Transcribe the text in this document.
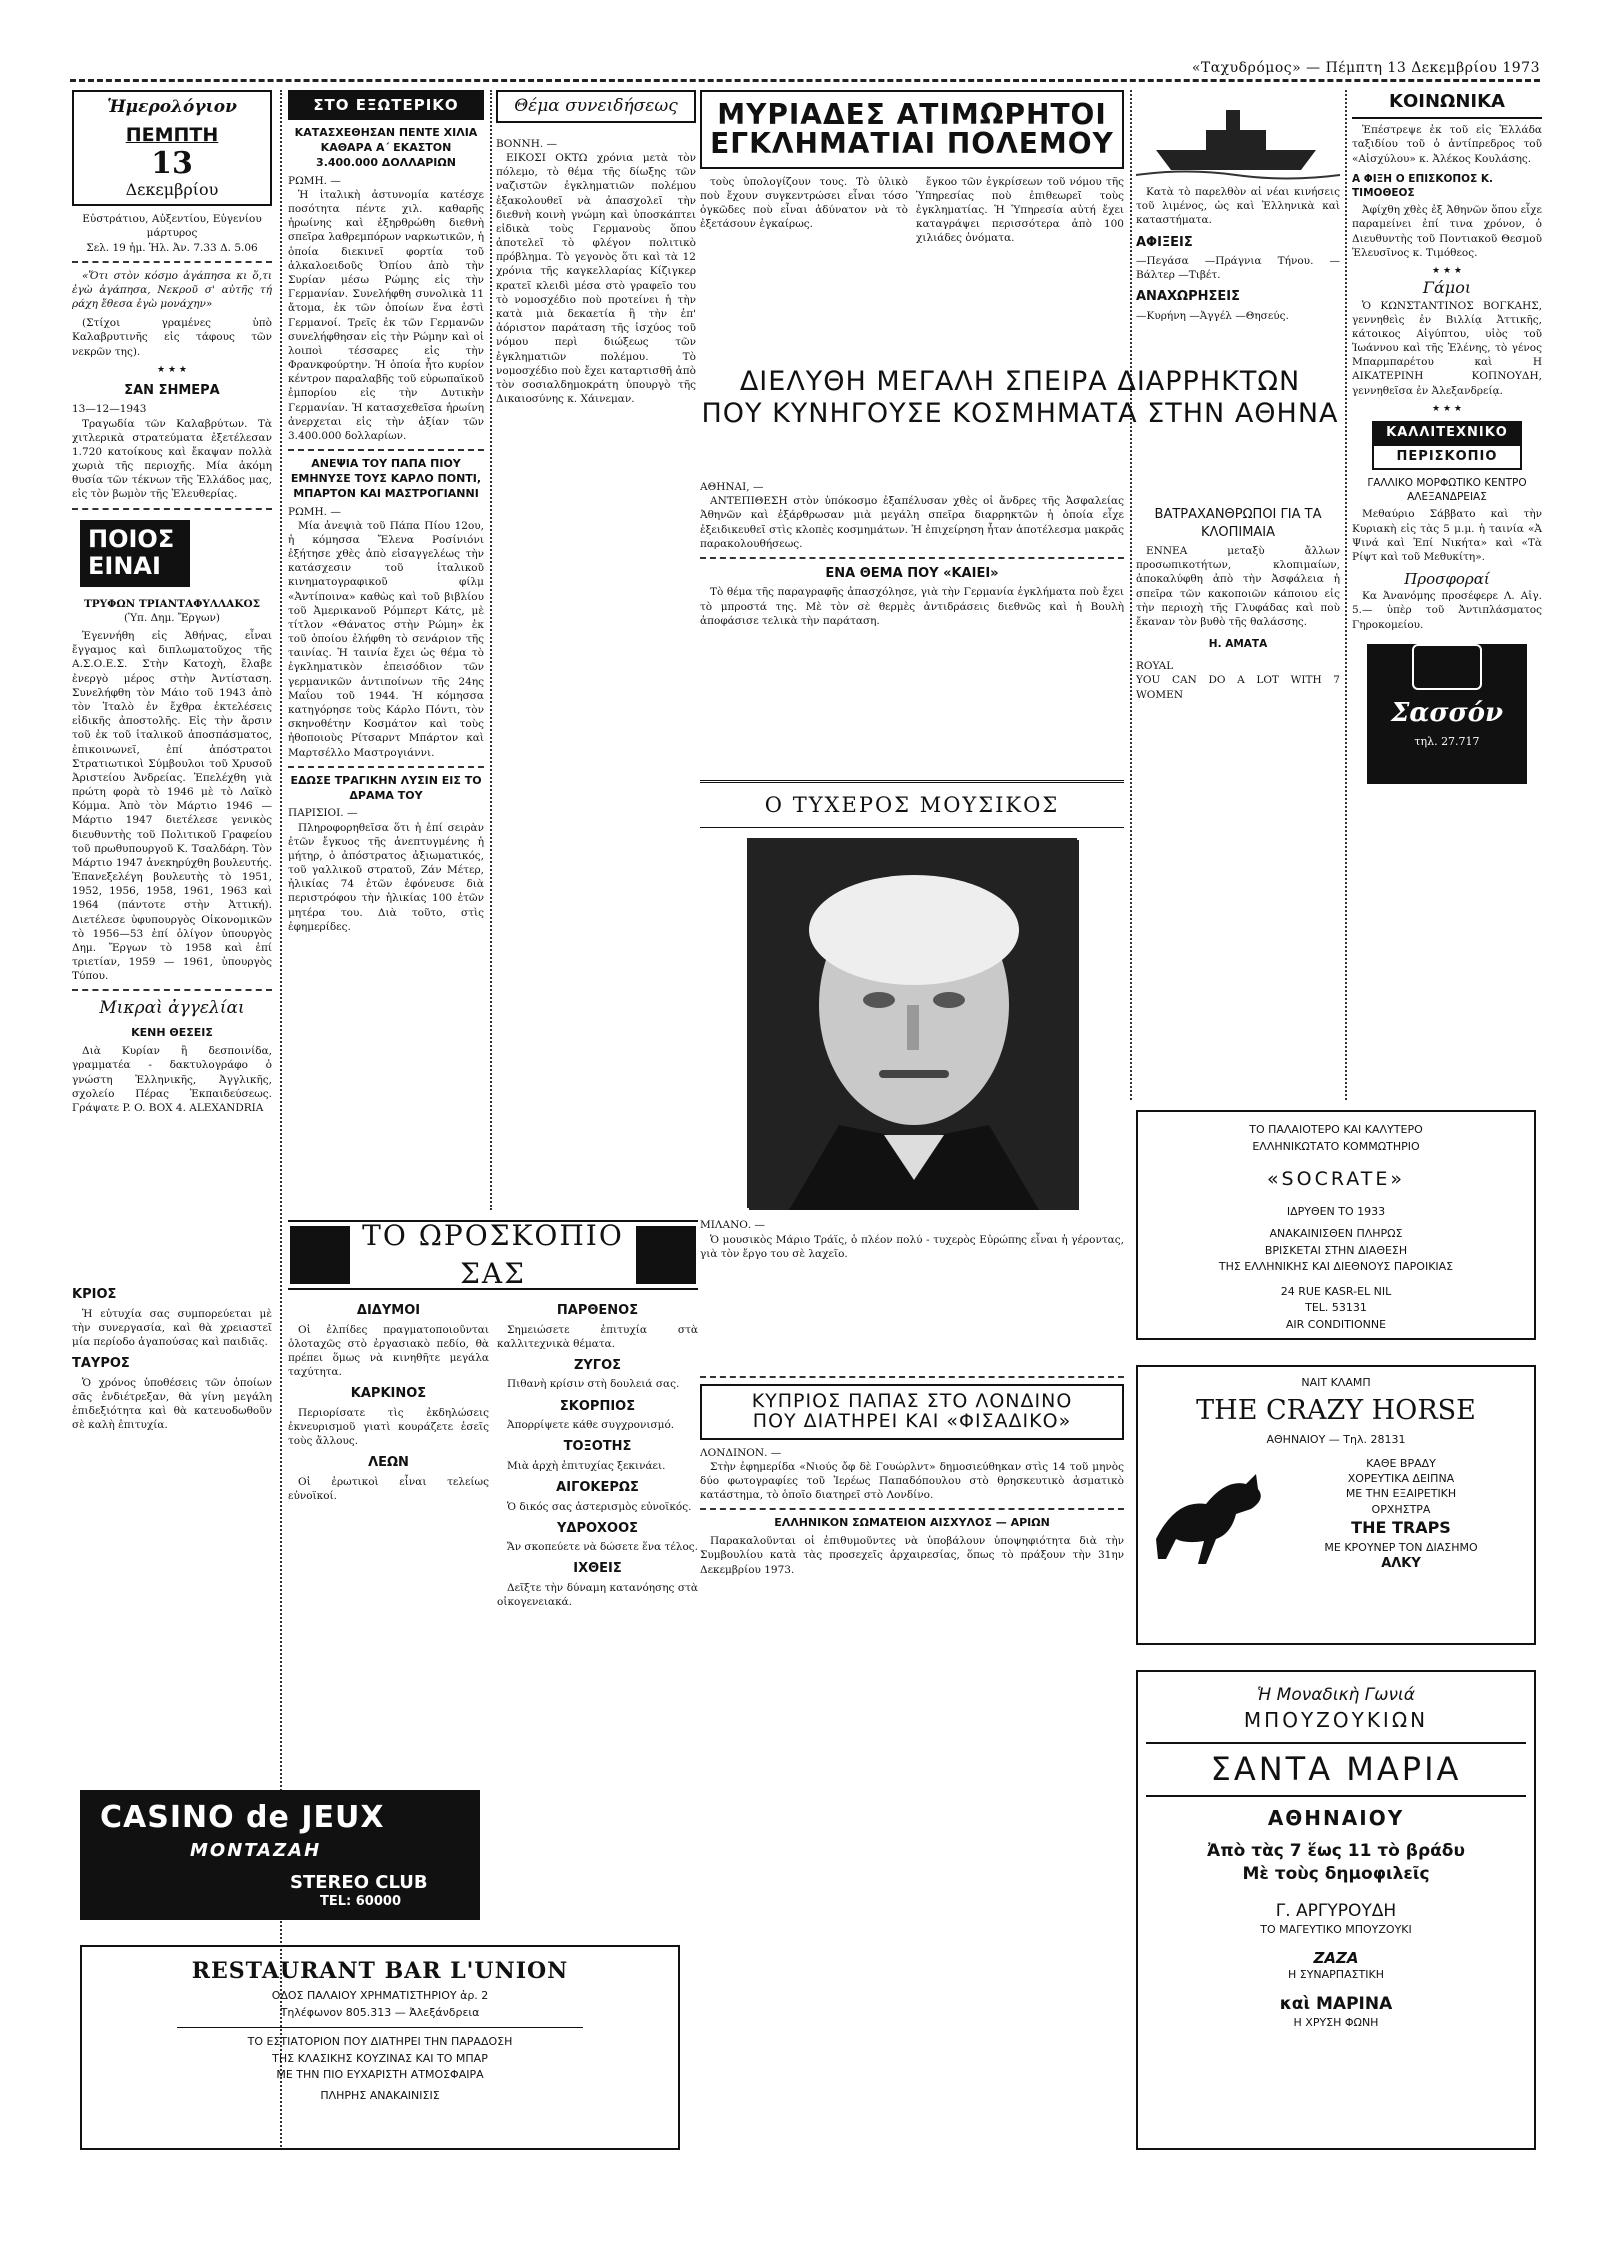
«Ταχυδρόμος» — Πέμπτη 13 Δεκεμβρίου 1973
Ἡμερολόγιον
ΠΕΜΠΤΗ
13
Δεκεμβρίου
Εὐστράτιου, Αὐξεντίου, Εὐγενίου μάρτυρος
Σελ. 19 ἡμ. Ἡλ. Ἀν. 7.33 Δ. 5.06
«Ὅτι στὸν κόσμο ἀγάπησα κι ὅ,τι ἐγὼ ἀγάπησα, Νεκροῦ σ' αὐτῆς τή ράχη ἔθεσα ἐγὼ μονάχην»
(Στίχοι γραμένες ὑπὸ Καλαβρυτινῆς εἰς τάφους τῶν νεκρῶν της).
★ ★ ★
ΣΑΝ ΣΗΜΕΡΑ
13—12—1943
Τραγωδία τῶν Καλαβρύτων. Τὰ χιτλερικὰ στρατεύματα ἐξετέλεσαν 1.720 κατοίκους καὶ ἔκαψαν πολλὰ χωριὰ τῆς περιοχῆς. Μία ἀκόμη θυσία τῶν τέκνων τῆς Ἑλλάδος μας, εἰς τὸν βωμὸν τῆς Ἐλευθερίας.
ΠΟΙΟΣ
ΕΙΝΑΙ
ΤΡΥΦΩΝ ΤΡΙΑΝΤΑΦΥΛΛΑΚΟΣ
(Ὑπ. Δημ. Ἔργων)
Ἐγεννήθη εἰς Ἀθήνας, εἶναι ἔγγαμος καὶ διπλωματοῦχος τῆς Α.Σ.Ο.Ε.Σ. Στὴν Κατοχὴ, ἔλαβε ἐνεργὸ μέρος στὴν Ἀντίσταση. Συνελήφθη τὸν Μάιο τοῦ 1943 ἀπὸ τὸν Ἰταλὸ ἐν ἔχθρα ἐκτελέσεις εἰδικῆς ἀποστολῆς. Εἰς τὴν ἄρσιν τοῦ ἐκ τοῦ ἰταλικοῦ ἀποσπάσματος, ἐπικοινωνεῖ, ἐπί ἀπόστρατοι Στρατιωτικοὶ Σύμβουλοι τοῦ Χρυσοῦ Ἀριστείου Ἀνδρείας. Ἐπελέχθη γιὰ πρώτη φορὰ τὸ 1946 μὲ τὸ Λαϊκὸ Κόμμα. Ἀπὸ τὸν Μάρτιο 1946 — Μάρτιο 1947 διετέλεσε γενικὸς διευθυντὴς τοῦ Πολιτικοῦ Γραφείου τοῦ πρωθυπουργοῦ Κ. Τσαλδάρη. Τὸν Μάρτιο 1947 ἀνεκηρύχθη βουλευτής. Ἐπανεξελέγη βουλευτὴς τὸ 1951, 1952, 1956, 1958, 1961, 1963 καὶ 1964 (πάντοτε στὴν Ἀττική). Διετέλεσε ὑφυπουργὸς Οἰκονομικῶν τὸ 1956—53 ἐπί ὀλίγον ὑπουργὸς Δημ. Ἔργων τὸ 1958 καὶ ἐπί τριετίαν, 1959 — 1961, ὑπουργὸς Τύπου.
Μικραὶ ἀγγελίαι
ΚΕΝΗ ΘΕΣΕΙΣ
Διὰ Κυρίαν ἢ δεσποινίδα, γραμματέα - δακτυλογράφο ὁ γνώστη Ἑλληνικῆς, Ἀγγλικῆς, σχολείο Πέρας Ἐκπαιδεύσεως. Γράψατε P. O. BOX 4. ALEXANDRIA
ΣΤΟ ΕΞΩΤΕΡΙΚΟ
ΚΑΤΑΣΧΕΘΗΣΑΝ ΠΕΝΤΕ ΧΙΛΙΑ ΚΑΘΑΡΑ Α΄ ΕΚΑΣΤΟΝ 3.400.000 ΔΟΛΛΑΡΙΩΝ
ΡΩΜΗ. —
Ἡ ἰταλικὴ ἀστυνομία κατέσχε ποσότητα πέντε χιλ. καθαρῆς ἡρωίνης καὶ ἐξηρθρώθη διεθνὴ σπεῖρα λαθρεμπόρων ναρκωτικῶν, ἡ ὁποία διεκινεῖ φορτία τοῦ ἀλκαλοειδοῦς Ὀπίου ἀπὸ τὴν Συρίαν μέσω Ρώμης εἰς τὴν Γερμανίαν. Συνελήφθη συνολικὰ 11 ἄτομα, ἐκ τῶν ὁποίων ἕνα ἐστὶ Γερμανοί. Τρεῖς ἐκ τῶν Γερμανῶν συνελήφθησαν εἰς τὴν Ρώμην καὶ οἱ λοιποὶ τέσσαρες εἰς τὴν Φρανκφούρτην. Ἡ ὁποία ἦτο κυρίον κέντρον παραλαβῆς τοῦ εὐρωπαϊκοῦ ἐμπορίου εἰς τὴν Δυτικὴν Γερμανίαν. Ἡ κατασχεθεῖσα ἡρωίνη ἀνερχεται εἰς τὴν ἀξίαν τῶν 3.400.000 δολλαρίων.
ΑΝΕΨΙΑ ΤΟΥ ΠΑΠΑ ΠΙΟΥ ΕΜΗΝΥΣΕ ΤΟΥΣ ΚΑΡΛΟ ΠΟΝΤΙ, ΜΠΑΡΤΟΝ ΚΑΙ ΜΑΣΤΡΟΓΙΑΝΝΙ
ΡΩΜΗ. —
Μία ἀνεψιὰ τοῦ Πάπα Πίου 12ου, ἡ κόμησσα Ἔλενα Ροσίνιόνι ἐξήτησε χθὲς ἀπὸ εἰσαγγελέως τὴν κατάσχεσιν τοῦ ἰταλικοῦ κινηματογραφικοῦ φίλμ «Ἀντίποινα» καθὼς καὶ τοῦ βιβλίου τοῦ Ἀμερικανοῦ Ρόμπερτ Κάτς, μὲ τίτλον «Θάνατος στὴν Ρώμη» ἐκ τοῦ ὁποίου ἐλήφθη τὸ σενάριον τῆς ταινίας. Ἡ ταινία ἔχει ὡς θέμα τὸ ἐγκληματικὸν ἐπεισόδιον τῶν γερμανικῶν ἀντιποίνων τῆς 24ης Μαΐου τοῦ 1944. Ἡ κόμησσα κατηγόρησε τοὺς Κάρλο Πόντι, τὸν σκηνοθέτην Κοσμάτον καὶ τοὺς ἠθοποιοὺς Ρίτσαρντ Μπάρτον καὶ Μαρτσέλλο Μαστρογιάννι.
ΕΔΩΣΕ ΤΡΑΓΙΚΗΝ ΛΥΣΙΝ ΕΙΣ ΤΟ ΔΡΑΜΑ ΤΟΥ
ΠΑΡΙΣΙΟΙ. —
Πληροφορηθεῖσα ὅτι ἡ ἐπί σειρὰν ἐτῶν ἔγκυος τῆς ἀνεπτυγμένης ἡ μήτηρ, ὁ ἀπόστρατος ἀξιωματικός, τοῦ γαλλικοῦ στρατοῦ, Ζάν Μέτερ, ἠλικίας 74 ἐτῶν ἐφόνευσε διὰ περιστρόφου τὴν ἡλικίας 100 ἐτῶν μητέρα του. Διὰ τοῦτο, στὶς ἐφημερίδες.
Θέμα συνειδήσεως
ΒΟΝΝΗ. —
ΕΙΚΟΣΙ ΟΚΤΩ χρόνια μετὰ τὸν πόλεμο, τὸ θέμα τῆς δίωξης τῶν ναζιστῶν ἐγκληματιῶν πολέμου ἐξακολουθεῖ νὰ ἀπασχολεῖ τὴν διεθνὴ κοινὴ γνώμη καὶ ὑποσκάπτει εἰδικὰ τοὺς Γερμανοὺς ὅπου ἀποτελεῖ τὸ φλέγον πολιτικὸ πρόβλημα. Τὸ γεγονὸς ὅτι καὶ τὰ 12 χρόνια τῆς καγκελλαρίας Κίζιγκερ κρατεῖ κλειδὶ μέσα στὸ γραφεῖο του τὸ νομοσχέδιο ποὺ προτείνει ἡ τὴν κατὰ μιὰ δεκαετία ἢ τὴν ἐπ' ἀόριστον παράταση τῆς ἰσχύος τοῦ νόμου περὶ διώξεως τῶν ἐγκληματιῶν πολέμου. Τὸ νομοσχέδιο ποὺ ἔχει καταρτισθῆ ἀπὸ τὸν σοσιαλδημοκράτη ὑπουργὸ τῆς Δικαιοσύνης κ. Χάινεμαν.
ΜΥΡΙΑΔΕΣ ΑΤΙΜΩΡΗΤΟΙ
ΕΓΚΛΗΜΑΤΙΑΙ ΠΟΛΕΜΟΥ
τοὺς ὑπολογίζουν τους. Τὸ ὑλικὸ ποὺ ἔχουν συγκεντρώσει εἶναι τόσο ὀγκῶδες ποὺ εἶναι ἀδύνατον νὰ τὸ ἐξετάσουν ἐγκαίρως.
ἔγκοο τῶν ἐγκρίσεων τοῦ νόμου τῆς Ὑπηρεσίας ποὺ ἐπιθεωρεῖ τοὺς ἐγκληματίας. Ἡ Ὑπηρεσία αὐτή ἔχει καταγράψει περισσότερα ἀπὸ 100 χιλιάδες ὀνόματα.
ΔΙΕΛΥΘΗ ΜΕΓΑΛΗ ΣΠΕΙΡΑ ΔΙΑΡΡΗΚΤΩΝ
ΠΟΥ ΚΥΝΗΓΟΥΣΕ ΚΟΣΜΗΜΑΤΑ ΣΤΗΝ ΑΘΗΝΑ
ΑΘΗΝΑΙ, —
ΑΝΤΕΠΙΘΕΣΗ στὸν ὑπόκοσμο ἐξαπέλυσαν χθὲς οἱ ἄνδρες τῆς Ἀσφαλείας Ἀθηνῶν καὶ ἐξάρθρωσαν μιὰ μεγάλη σπεῖρα διαρρηκτῶν ἡ ὁποία εἶχε ἐξειδικευθεῖ στὶς κλοπὲς κοσμημάτων. Ἡ ἐπιχείρηση ἦταν ἀποτέλεσμα μακρᾶς παρακολουθήσεως.
ΕΝΑ ΘΕΜΑ ΠΟΥ «ΚΑΙΕΙ»
Τὸ θέμα τῆς παραγραφῆς ἀπασχόλησε, γιὰ τὴν Γερμανία ἐγκλήματα ποὺ ἔχει τὸ μπροστά της. Μὲ τὸν σὲ θερμὲς ἀντιδράσεις διεθνῶς καὶ ἡ Βουλὴ ἀποφάσισε τελικὰ τὴν παράταση.
Ο ΤΥΧΕΡΟΣ ΜΟΥΣΙΚΟΣ
ΜΙΛΑΝΟ. —
Ὁ μουσικὸς Μάριο Τράϊς, ὁ πλέον πολύ - τυχερὸς Εὐρώπης εἶναι ἡ γέροντας, γιὰ τὸν ἔργο του σὲ λαχεῖο.
ΚΥΠΡΙΟΣ ΠΑΠΑΣ ΣΤΟ ΛΟΝΔΙΝΟ
ΠΟΥ ΔΙΑΤΗΡΕΙ ΚΑΙ «ΦΙΣΑΔΙΚΟ»
ΛΟΝΔΙΝΟΝ. —
Στὴν ἐφημερίδα «Νιούς ὄφ δὲ Γουώρλντ» δημοσιεύθηκαν στὶς 14 τοῦ μηνὸς δύο φωτογραφίες τοῦ Ἱερέως Παπαδόπουλου στὸ θρησκευτικὸ ἀσματικὸ κατάστημα, τὸ ὁποῖο διατηρεῖ στὸ Λονδίνο.
ΕΛΛΗΝΙΚΟΝ ΣΩΜΑΤΕΙΟΝ ΑΙΣΧΥΛΟΣ — ΑΡΙΩΝ
Παρακαλοῦνται οἱ ἐπιθυμοῦντες νὰ ὑποβάλουν ὑποψηφιότητα διὰ τὴν Συμβουλίου κατὰ τὰς προσεχεῖς ἀρχαιρεσίας, ὅπως τὸ πράξουν τὴν 31ην Δεκεμβρίου 1973.
Κατὰ τὸ παρελθὸν αἱ νέαι κινήσεις τοῦ λιμένος, ὡς καὶ Ἑλληνικὰ καὶ καταστήματα.
ΑΦΙΞΕΙΣ
—Πεγάσα —Πράγνια Τήνου. —Βάλτερ —Τιβέτ.
ΑΝΑΧΩΡΗΣΕΙΣ
—Κυρήνη —Ἀγγέλ —Θησεύς.
ΒΑΤΡΑΧΑΝΘΡΩΠΟΙ ΓΙΑ ΤΑ ΚΛΟΠΙΜΑΙΑ
ΕΝΝΕΑ μεταξὺ ἄλλων προσωπικοτήτων, κλοπιμαίων, ἀποκαλύφθη ἀπὸ τὴν Ἀσφάλεια ἡ σπεῖρα τῶν κακοποιῶν κάποιου εἰς τὴν περιοχὴ τῆς Γλυφάδας καὶ ποὺ ἔκαναν τὸν βυθὸ τῆς θαλάσσης.
Η. ΑΜΑΤΑ
ROYAL
YOU CAN DO A LOT WITH 7 WOMEN
ΚΟΙΝΩΝΙΚΑ
Ἐπέστρεψε ἐκ τοῦ εἰς Ἑλλάδα ταξιδίου τοῦ ὁ ἀντίπρεδρος τοῦ «Αἰσχύλου» κ. Ἀλέκος Κουλάσης.
Α ΦΙΞΗ Ο ΕΠΙΣΚΟΠΟΣ Κ. ΤΙΜΟΘΕΟΣ
Ἀφίχθη χθὲς ἐξ Ἀθηνῶν ὅπου εἶχε παραμείνει ἐπί τινα χρόνον, ὁ Διευθυντὴς τοῦ Ποντιακοῦ Θεσμοῦ Ἐλευσῖνος κ. Τιμόθεος.
★ ★ ★
Γάμοι
Ὁ ΚΩΝΣΤΑΝΤΙΝΟΣ ΒΟΓΚΑΗΣ, γεννηθεὶς ἐν Βιλλίᾳ Ἀττικῆς, κάτοικος Αἰγύπτου, υἱὸς τοῦ Ἰωάννου καὶ τῆς Ἑλένης, τὸ γένος Μπαρμπαρέτου καὶ Η ΑΙΚΑΤΕΡΙΝΗ ΚΟΠΝΟΥΔΗ, γεννηθεῖσα ἐν Ἀλεξανδρείᾳ.
★ ★ ★
ΚΑΛΛΙΤΕΧΝΙΚΟ
ΠΕΡΙΣΚΟΠΙΟ
ΓΑΛΛΙΚΟ ΜΟΡΦΩΤΙΚΟ ΚΕΝΤΡΟ ΑΛΕΞΑΝΔΡΕΙΑΣ
Μεθαύριο Σάββατο καὶ τὴν Κυριακὴ εἰς τὰς 5 μ.μ. ἡ ταινία «Ἀ Ψινά καὶ Ἐπί Νικήτα» καὶ «Τὰ Ρίψτ καὶ τοῦ Μεθυκίτη».
Προσφοραί
Κα Ἀνανόμης προσέφερε Λ. Αἰγ. 5.— ὑπὲρ τοῦ Ἀντιπλάσματος Γηροκομείου.
Σασσόν
τηλ. 27.717
ΤΟ ΠΑΛΑΙΟΤΕΡΟ ΚΑΙ ΚΑΛΥΤΕΡΟ
ΕΛΛΗΝΙΚΩΤΑΤΟ ΚΟΜΜΩΤΗΡΙΟ
«SOCRATE»
ΙΔΡΥΘΕΝ ΤΟ 1933
ΑΝΑΚΑΙΝΙΣΘΕΝ ΠΛΗΡΩΣ
ΒΡΙΣΚΕΤΑΙ ΣΤΗΝ ΔΙΑΘΕΣΗ
ΤΗΣ ΕΛΛΗΝΙΚΗΣ ΚΑΙ ΔΙΕΘΝΟΥΣ ΠΑΡΟΙΚΙΑΣ
24 RUE KASR-EL NIL
TEL. 53131
AIR CONDITIONNE
ΝΑΙΤ ΚΛΑΜΠ
THE CRAZY HORSE
ΑΘΗΝΑΙΟΥ — Τηλ. 28131
ΚΑΘΕ ΒΡΑΔΥ
ΧΟΡΕΥΤΙΚΑ ΔΕΙΠΝΑ
ΜΕ ΤΗΝ ΕΞΑΙΡΕΤΙΚΗ
ΟΡΧΗΣΤΡΑ
THE TRAPS
ΜΕ ΚΡΟΥΝΕΡ ΤΟΝ ΔΙΑΣΗΜΟ
ΑΛΚΥ
Ἡ Μοναδικὴ Γωνιά
ΜΠΟΥΖΟΥΚΙΩΝ
ΣΑΝΤΑ ΜΑΡΙΑ
ΑΘΗΝΑΙΟΥ
Ἀπὸ τὰς 7 ἕως 11 τὸ βράδυ
Μὲ τοὺς δημοφιλεῖς
Γ. ΑΡΓΥΡΟΥΔΗ
ΤΟ ΜΑΓΕΥΤΙΚΟ ΜΠΟΥΖΟΥΚΙ
ΖΑΖΑ
Η ΣΥΝΑΡΠΑΣΤΙΚΗ
καὶ ΜΑΡΙΝΑ
Η ΧΡΥΣΗ ΦΩΝΗ
ΤΟ ΩΡΟΣΚΟΠΙΟ ΣΑΣ
ΔΙΔΥΜΟΙ
Οἱ ἐλπίδες πραγματοποιοῦνται ὁλοταχῶς στὸ ἐργασιακὸ πεδίο, θὰ πρέπει ὅμως νὰ κινηθῆτε μεγάλα ταχύτητα.
ΚΑΡΚΙΝΟΣ
Περιορίσατε τὶς ἐκδηλώσεις ἐκνευρισμοῦ γιατὶ κουράζετε ἐσεῖς τοὺς ἄλλους.
ΛΕΩΝ
Οἱ ἐρωτικοὶ εἶναι τελείως εὐνοϊκοί.
ΠΑΡΘΕΝΟΣ
Σημειώσετε ἐπιτυχία στὰ καλλιτεχνικὰ θέματα.
ΖΥΓΟΣ
Πιθανὴ κρίσιν στὴ δουλειά σας.
ΣΚΟΡΠΙΟΣ
Ἀπορρίψετε κάθε συγχρονισμό.
ΤΟΞΟΤΗΣ
Μιὰ ἀρχὴ ἐπιτυχίας ξεκινάει.
ΑΙΓΟΚΕΡΩΣ
Ὁ δικός σας ἀστερισμὸς εὐνοϊκός.
ΥΔΡΟΧΟΟΣ
Ἄν σκοπεύετε νὰ δώσετε ἕνα τέλος.
ΙΧΘΕΙΣ
Δεῖξτε τὴν δύναμη κατανόησης στὰ οἰκογενειακά.
ΚΡΙΟΣ
Ἡ εὐτυχία σας συμπορεύεται μὲ τὴν συνεργασία, καὶ θὰ χρειαστεῖ μία περίοδο ἀγαπούσας καὶ παιδιᾶς.
ΤΑΥΡΟΣ
Ὁ χρόνος ὑποθέσεις τῶν ὁποίων σᾶς ἐνδιέτρεξαν, θὰ γίνη μεγάλη ἐπιδεξιότητα καὶ θὰ κατευοδωθοῦν σὲ καλὴ ἐπιτυχία.
CASINO de JEUX
MONTAZAH
STEREO CLUB
TEL: 60000
RESTAURANT BAR L'UNION
ΟΔΟΣ ΠΑΛΑΙΟΥ ΧΡΗΜΑΤΙΣΤΗΡΙΟΥ ἀρ. 2
Τηλέφωνον 805.313 — Ἀλεξάνδρεια
ΤΟ ΕΣΤΙΑΤΟΡΙΟΝ ΠΟΥ ΔΙΑΤΗΡΕΙ ΤΗΝ ΠΑΡΑΔΟΣΗ
ΤΗΣ ΚΛΑΣΙΚΗΣ ΚΟΥΖΙΝΑΣ ΚΑΙ ΤΟ ΜΠΑΡ
ΜΕ ΤΗΝ ΠΙΟ ΕΥΧΑΡΙΣΤΗ ΑΤΜΟΣΦΑΙΡΑ
ΠΛΗΡΗΣ ΑΝΑΚΑΙΝΙΣΙΣ
